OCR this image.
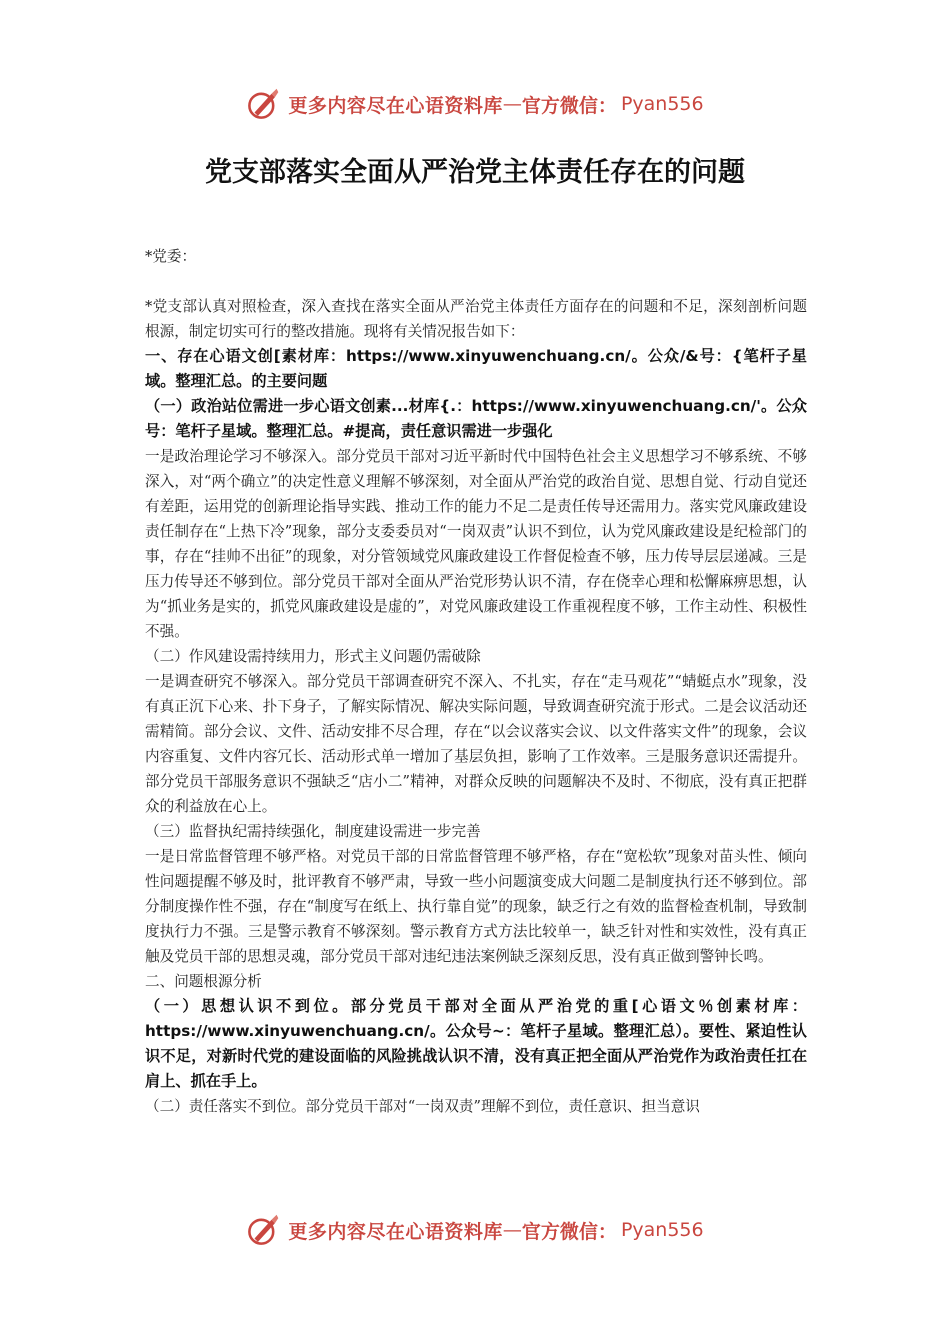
更多内容尽在心语资料库 — 官方微信： Pyan556
党支部落实全面从严治党主体责任存在的问题

*党委：

*党支部认真对照检查，深入查找在落实全面从严治党主体责任方面存在的问题和不足，深刻剖析问题根源，制定切实可行的整改措施。现将有关情况报告如下：

一、存在心语文创[素材库：https://www.xinyuwenchuang.cn/。公众/&号：{笔杆子星域。整理汇总。的主要问题

（一）政治站位需进一步心语文创素...材库{.：https://www.xinyuwenchuang.cn/'。公众号：笔杆子星域。整理汇总。#提高，责任意识需进一步强化

一是政治理论学习不够深入。部分党员干部对习近平新时代中国特色社会主义思想学习不够系统、不够深入，对“两个确立”的决定性意义理解不够深刻，对全面从严治党的政治自觉、思想自觉、行动自觉还有差距，运用党的创新理论指导实践、推动工作的能力不足二是责任传导还需用力。落实党风廉政建设责任制存在“上热下冷”现象，部分支委委员对“一岗双责”认识不到位，认为党风廉政建设是纪检部门的事，存在“挂帅不出征”的现象，对分管领域党风廉政建设工作督促检查不够，压力传导层层递减。三是压力传导还不够到位。部分党员干部对全面从严治党形势认识不清，存在侥幸心理和松懈麻痹思想，认为“抓业务是实的，抓党风廉政建设是虚的”，对党风廉政建设工作重视程度不够，工作主动性、积极性不强。

（二）作风建设需持续用力，形式主义问题仍需破除

一是调查研究不够深入。部分党员干部调查研究不深入、不扎实，存在“走马观花”“蜻蜓点水”现象，没有真正沉下心来、扑下身子，了解实际情况、解决实际问题，导致调查研究流于形式。二是会议活动还需精简。部分会议、文件、活动安排不尽合理，存在“以会议落实会议、以文件落实文件”的现象，会议内容重复、文件内容冗长、活动形式单一增加了基层负担，影响了工作效率。三是服务意识还需提升。部分党员干部服务意识不强缺乏“店小二”精神，对群众反映的问题解决不及时、不彻底，没有真正把群众的利益放在心上。

（三）监督执纪需持续强化，制度建设需进一步完善

一是日常监督管理不够严格。对党员干部的日常监督管理不够严格，存在“宽松软”现象对苗头性、倾向性问题提醒不够及时，批评教育不够严肃，导致一些小问题演变成大问题二是制度执行还不够到位。部分制度操作性不强，存在“制度写在纸上、执行靠自觉”的现象，缺乏行之有效的监督检查机制，导致制度执行力不强。三是警示教育不够深刻。警示教育方式方法比较单一，缺乏针对性和实效性，没有真正触及党员干部的思想灵魂，部分党员干部对违纪违法案例缺乏深刻反思，没有真正做到警钟长鸣。

二、问题根源分析

（一）思想认识不到位。部分党员干部对全面从严治党的重[心语文％创素材库：https://www.xinyuwenchuang.cn/。公众号~：笔杆子星域。整理汇总）。要性、紧迫性认识不足，对新时代党的建设面临的风险挑战认识不清，没有真正把全面从严治党作为政治责任扛在肩上、抓在手上。

（二）责任落实不到位。部分党员干部对“一岗双责”理解不到位，责任意识、担当意识

更多内容尽在心语资料库 — 官方微信： Pyan556
